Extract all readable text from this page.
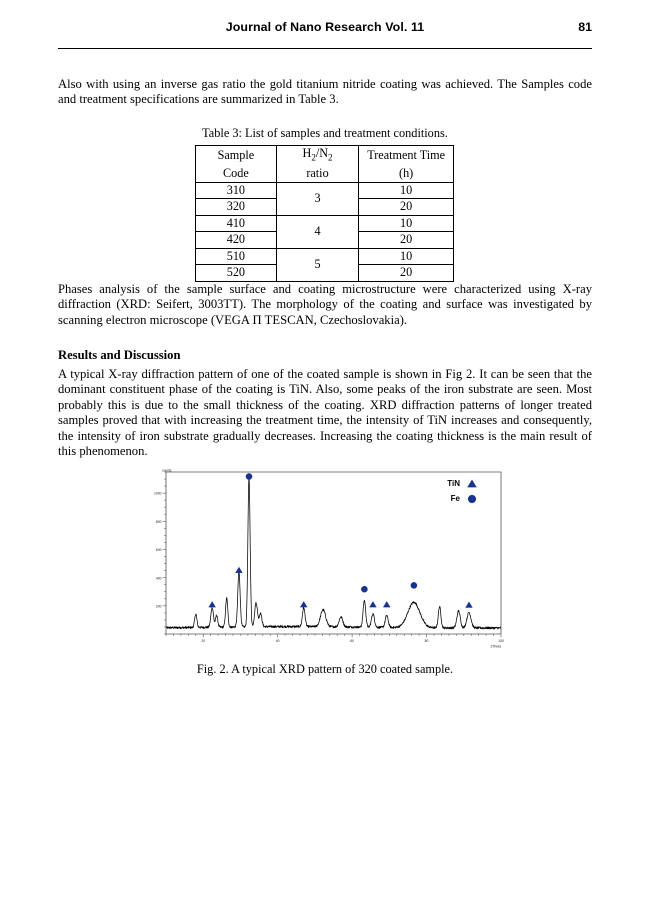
Journal of Nano Research Vol. 11	81

Also with using an inverse gas ratio the gold titanium nitride coating was achieved. The Samples code and treatment specifications are summarized in Table 3.

Table 3: List of samples and treatment conditions.
Sample	$H_2/N_2$	Treatment Time
Code	ratio	(h)
310	3	10
320		20
410	4	10
420		20
510	5	10
520		20

Phases analysis of the sample surface and coating microstructure were characterized using X-ray diffraction (XRD: Seifert, 3003TT). The morphology of the coating and surface was investigated by scanning electron microscope (VEGA Π TESCAN, Czechoslovakia).

Results and Discussion

A typical X-ray diffraction pattern of one of the coated sample is shown in Fig 2. It can be seen that the dominant constituent phase of the coating is TiN. Also, some peaks of the iron substrate are seen. Most probably this is due to the small thickness of the coating. XRD diffraction patterns of longer treated samples proved that with increasing the treatment time, the intensity of TiN increases and consequently, the intensity of iron substrate gradually decreases. Increasing the coating thickness is the main result of this phenomenon.

200
400
600
800
1000
counts
20	40	60	80	100
2Theta
TiN
Fe
Fig. 2. A typical XRD pattern of 320 coated sample.
